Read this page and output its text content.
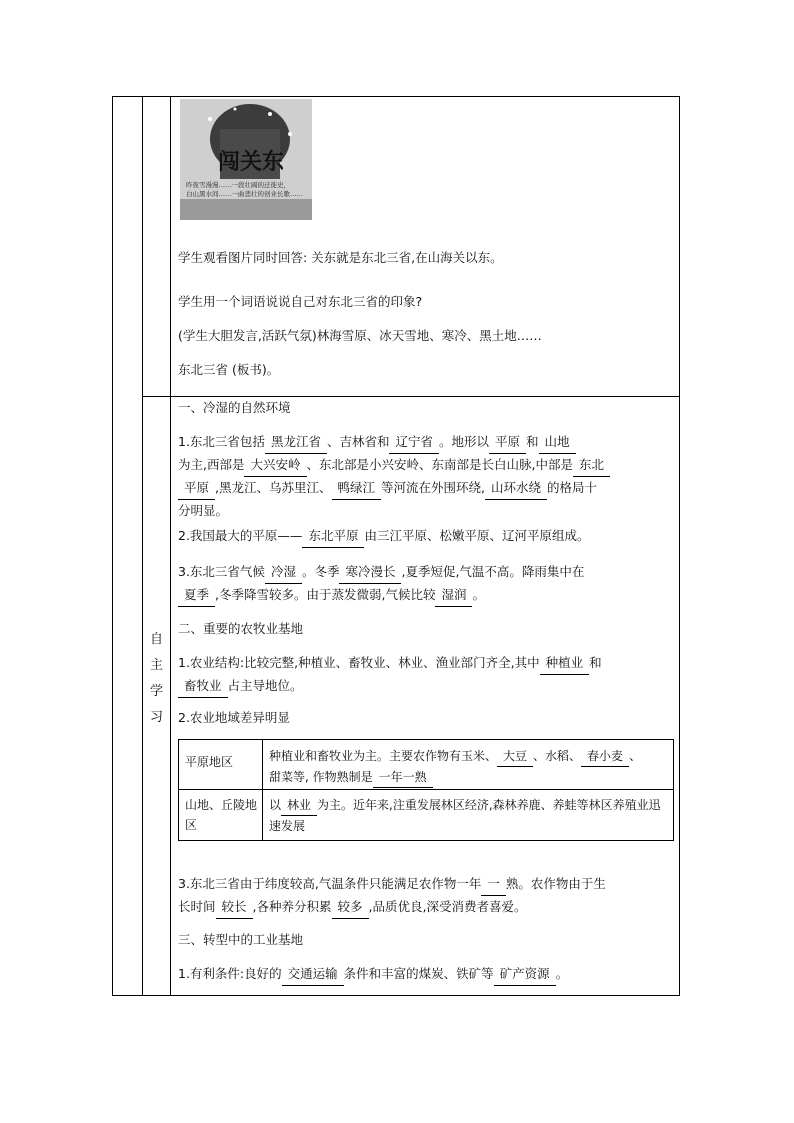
闯关东
昨夜雪漫漫……一段壮阔的迁徙史，
白山黑水间……一曲悲壮的创业长歌……
学生观看图片同时回答: 关东就是东北三省,在山海关以东。
学生用一个词语说说自己对东北三省的印象?
(学生大胆发言,活跃气氛)林海雪原、冰天雪地、寒冷、黑土地……
东北三省 (板书)。
自
主
学
习
一、冷湿的自然环境
1.东北三省包括 黑龙江省 、吉林省和 辽宁省 。地形以 平原 和 山地
为主,西部是 大兴安岭 、东北部是小兴安岭、东南部是长白山脉,中部是 东北
平原 ,黑龙江、乌苏里江、 鸭绿江 等河流在外围环绕, 山环水绕 的格局十
分明显。
2.我国最大的平原—— 东北平原 由三江平原、松嫩平原、辽河平原组成。
3.东北三省气候 冷湿 。冬季 寒冷漫长 ,夏季短促,气温不高。降雨集中在
夏季 ,冬季降雪较多。由于蒸发微弱,气候比较 湿润 。
二、重要的农牧业基地
1.农业结构:比较完整,种植业、畜牧业、林业、渔业部门齐全,其中 种植业 和
畜牧业 占主导地位。
2.农业地域差异明显
平原地区	种植业和畜牧业为主。主要农作物有玉米、 大豆 、水稻、 春小麦 、
甜菜等, 作物熟制是 一年一熟
山地、丘陵地区
以 林业 为主。近年来,注重发展林区经济,森林养鹿、养蛙等林区养殖业迅速发展
3.东北三省由于纬度较高,气温条件只能满足农作物一年 一 熟。农作物由于生
长时间 较长 ,各种养分积累 较多 ,品质优良,深受消费者喜爱。
三、转型中的工业基地
1.有利条件:良好的 交通运输 条件和丰富的煤炭、铁矿等 矿产资源 。
